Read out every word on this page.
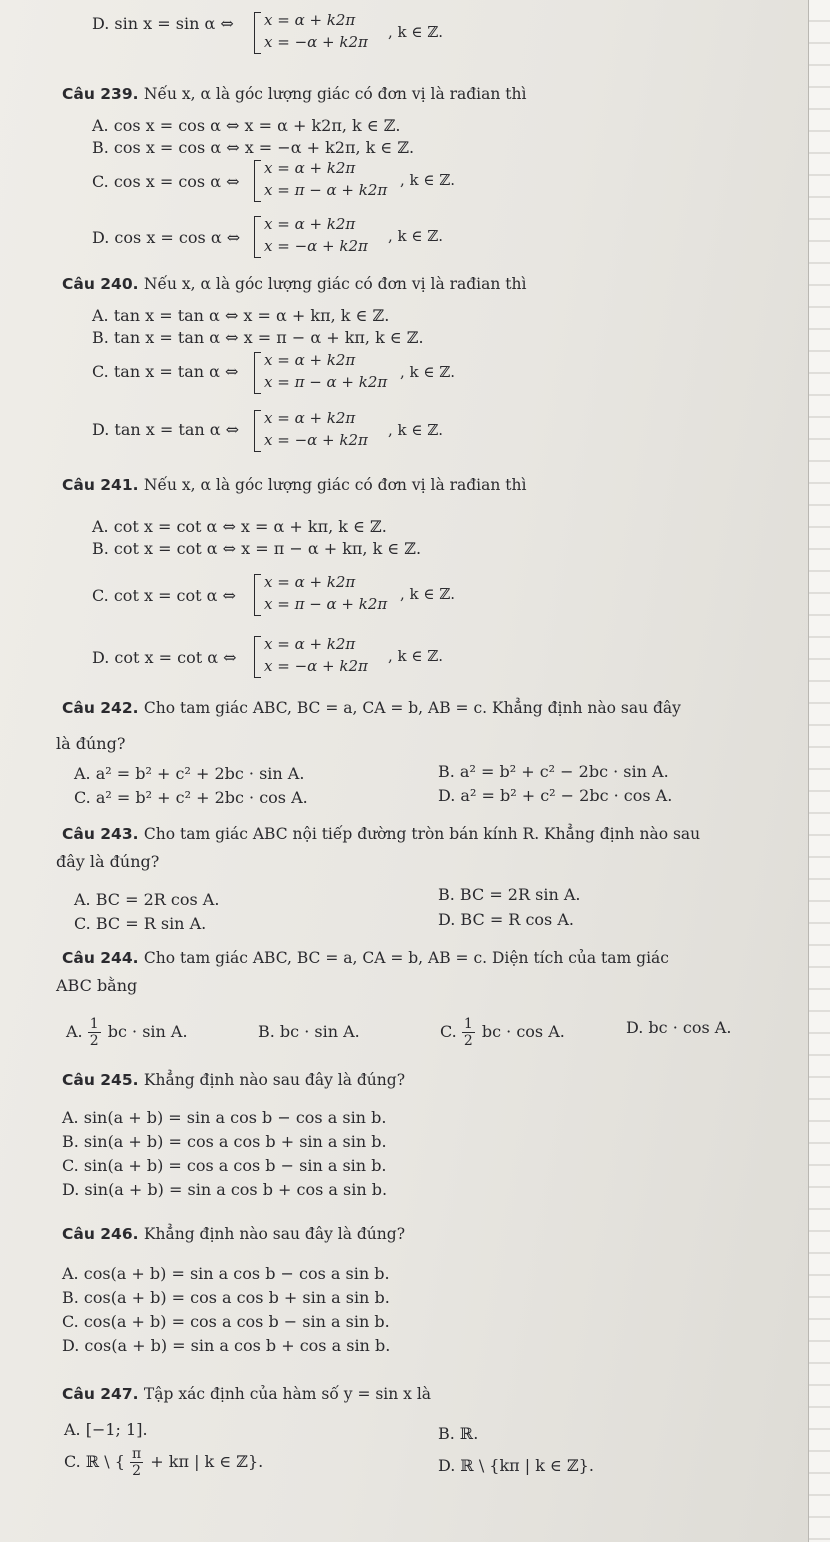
D. sin x = sin α ⇔ x = α + k2π
x = −α + k2π
, k ∈ ℤ.
Câu 239. Nếu x, α là góc lượng giác có đơn vị là rađian thì
A. cos x = cos α ⇔ x = α + k2π, k ∈ ℤ.
B. cos x = cos α ⇔ x = −α + k2π, k ∈ ℤ.
C. cos x = cos α ⇔
x = α + k2π
x = π − α + k2π
, k ∈ ℤ.
D. cos x = cos α ⇔
x = α + k2π
x = −α + k2π
, k ∈ ℤ.
Câu 240. Nếu x, α là góc lượng giác có đơn vị là rađian thì
A. tan x = tan α ⇔ x = α + kπ, k ∈ ℤ.
B. tan x = tan α ⇔ x = π − α + kπ, k ∈ ℤ.
C. tan x = tan α ⇔
x = α + k2π
x = π − α + k2π
, k ∈ ℤ.
D. tan x = tan α ⇔
x = α + k2π
x = −α + k2π
, k ∈ ℤ.
Câu 241. Nếu x, α là góc lượng giác có đơn vị là rađian thì
A. cot x = cot α ⇔ x = α + kπ, k ∈ ℤ.
B. cot x = cot α ⇔ x = π − α + kπ, k ∈ ℤ.
C. cot x = cot α ⇔
x = α + k2π
x = π − α + k2π
, k ∈ ℤ.
D. cot x = cot α ⇔
x = α + k2π
x = −α + k2π
, k ∈ ℤ.
Câu 242. Cho tam giác ABC, BC = a, CA = b, AB = c. Khẳng định nào sau đây
là đúng?
A. a² = b² + c² + 2bc · sin A.	B. a² = b² + c² − 2bc · sin A.
C. a² = b² + c² + 2bc · cos A.	D. a² = b² + c² − 2bc · cos A.
Câu 243. Cho tam giác ABC nội tiếp đường tròn bán kính R. Khẳng định nào sau
đây là đúng?
A. BC = 2R cos A.	B. BC = 2R sin A.
C. BC = R sin A.	D. BC = R cos A.
Câu 244. Cho tam giác ABC, BC = a, CA = b, AB = c. Diện tích của tam giác
ABC bằng
A. $\frac{1}{2}$ bc · sin A.	B. bc · sin A.	C. $\frac{1}{2}$ bc · cos A.	D. bc · cos A.
Câu 245. Khẳng định nào sau đây là đúng?
A. sin(a + b) = sin a cos b − cos a sin b.
B. sin(a + b) = cos a cos b + sin a sin b.
C. sin(a + b) = cos a cos b − sin a sin b.
D. sin(a + b) = sin a cos b + cos a sin b.
Câu 246. Khẳng định nào sau đây là đúng?
A. cos(a + b) = sin a cos b − cos a sin b.
B. cos(a + b) = cos a cos b + sin a sin b.
C. cos(a + b) = cos a cos b − sin a sin b.
D. cos(a + b) = sin a cos b + cos a sin b.
Câu 247. Tập xác định của hàm số y = sin x là
A. [−1; 1].	B. ℝ.
C. ℝ \ { $\frac{\pi}{2} + k\pi$ | k ∈ ℤ}.	D. ℝ \ {kπ | k ∈ ℤ}.
